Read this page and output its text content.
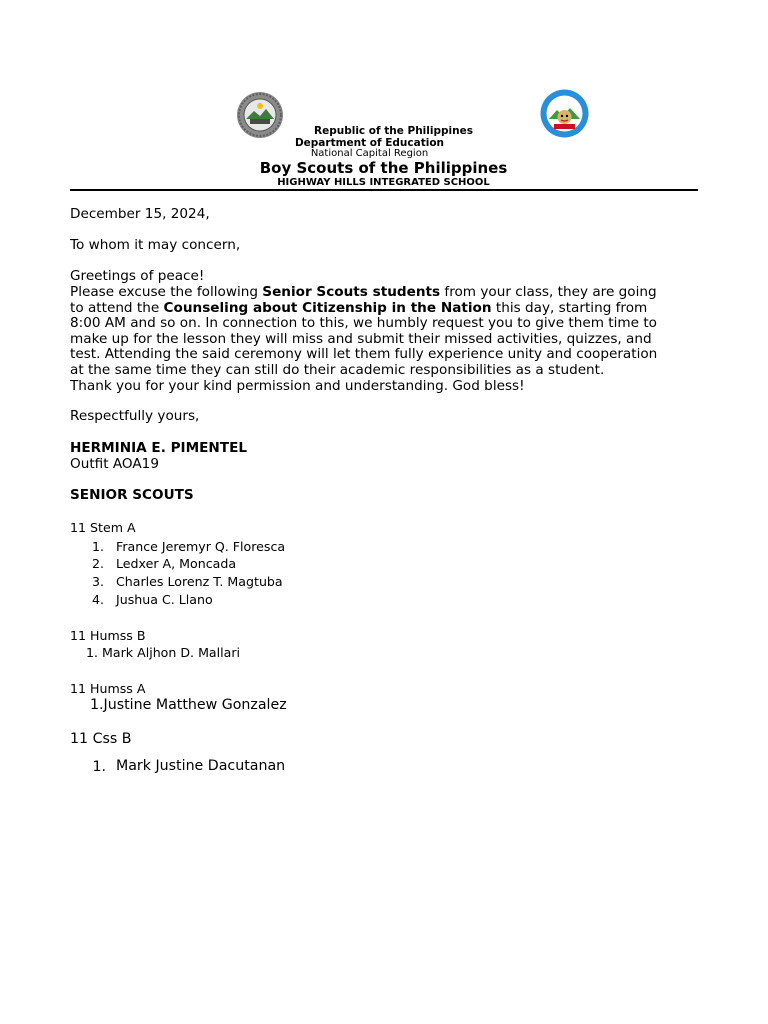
Republic of the Philippines
Department of Education
National Capital Region
Boy Scouts of the Philippines
HIGHWAY HILLS INTEGRATED SCHOOL
December 15, 2024,
To whom it may concern,
Greetings of peace!
Please excuse the following Senior Scouts students from your class, they are going
to attend the Counseling about Citizenship in the Nation this day, starting from
8:00 AM and so on. In connection to this, we humbly request you to give them time to
make up for the lesson they will miss and submit their missed activities, quizzes, and
test. Attending the said ceremony will let them fully experience unity and cooperation
at the same time they can still do their academic responsibilities as a student.
Thank you for your kind permission and understanding. God bless!
Respectfully yours,
HERMINIA E. PIMENTEL
Outfit AOA19
SENIOR SCOUTS
11 Stem A
1. France Jeremyr Q. Floresca
2. Ledxer A, Moncada
3. Charles Lorenz T. Magtuba
4. Jushua C. Llano
11 Humss B
1. Mark Aljhon D. Mallari
11 Humss A
1.Justine Matthew Gonzalez
11 Css B
1. Mark Justine Dacutanan
